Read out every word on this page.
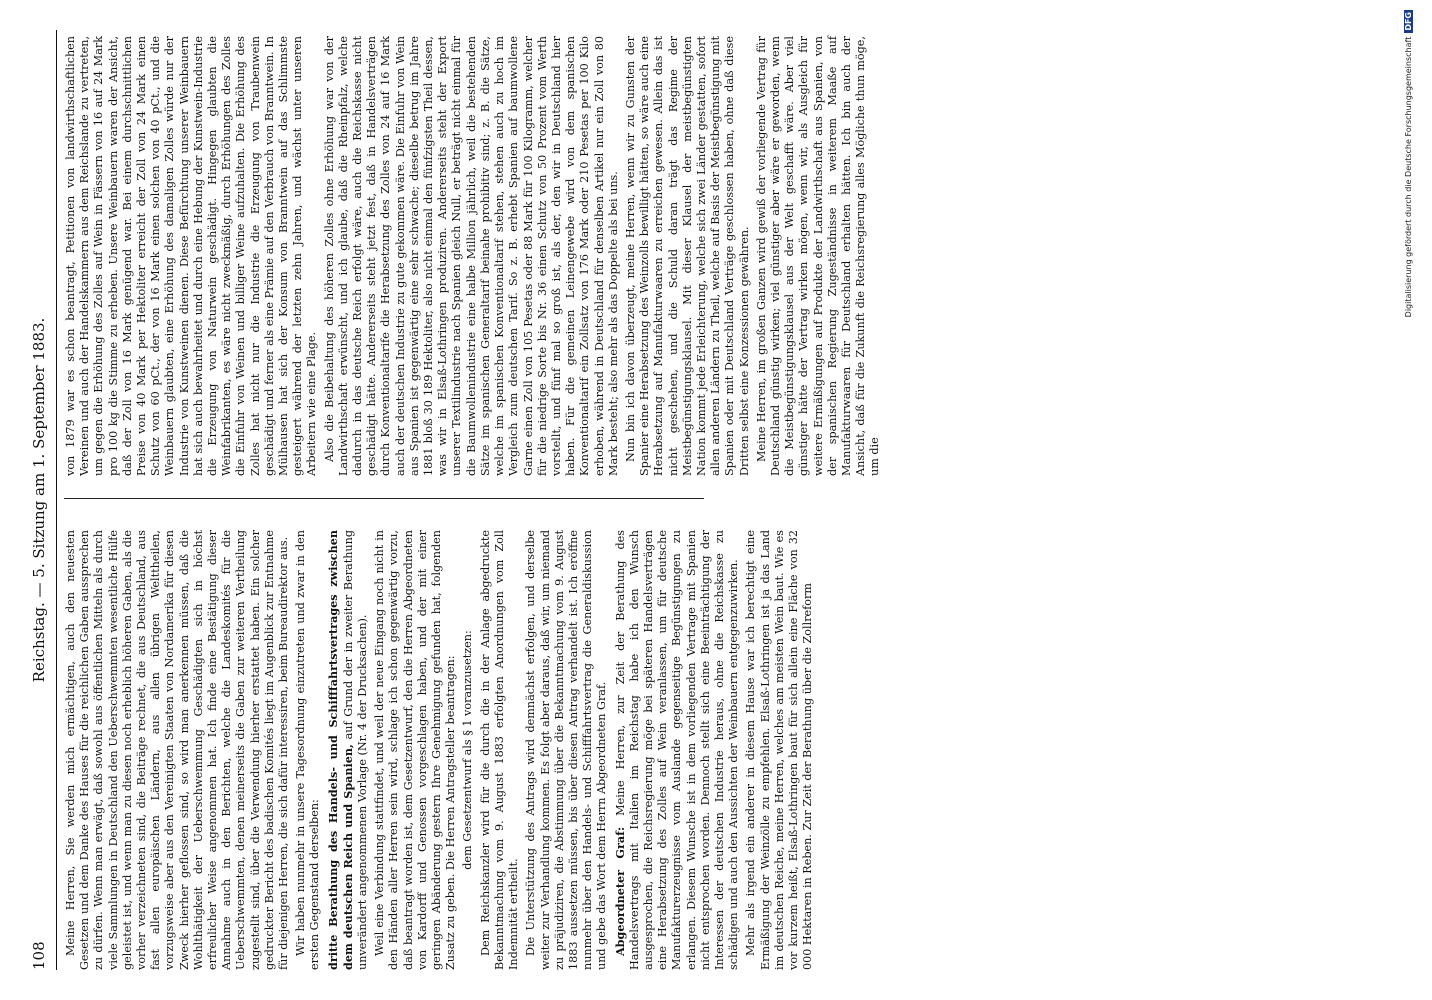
108
Reichstag. — 5. Sitzung am 1. September 1883.

Meine Herren, Sie werden mich ermächtigen, auch den neuesten Gesetzen und dem Danke des Hauses für die reichlichen Gaben aussprechen zu dürfen. Wenn man erwägt, daß sowohl aus öffentlichen Mitteln als durch viele Sammlungen in Deutschland den Ueberschwemmten wesentliche Hülfe geleistet ist, und wenn man zu diesen noch erheblich höheren Gaben, als die vorher verzeichneten sind, die Beiträge rechnet, die aus Deutschland, aus fast allen europäischen Ländern, aus allen übrigen Welttheilen, vorzugsweise aber aus den Vereinigten Staaten von Nordamerika für diesen Zweck hierher geflossen sind, so wird man anerkennen müssen, daß die Wohlthätigkeit der Ueberschwemmung Geschädigten sich in höchst erfreulicher Weise angenommen hat. Ich finde eine Bestätigung dieser Annahme auch in den Berichten, welche die Landeskomités für die Ueberschwemmten, denen meinerseits die Gaben zur weiteren Vertheilung zugestellt sind, über die Verwendung hierher erstattet haben. Ein solcher gedruckter Bericht des badischen Komités liegt im Augenblick zur Entnahme für diejenigen Herren, die sich dafür interessiren, beim Bureaudirektor aus. Wir haben nunmehr in unsere Tagesordnung einzutreten und zwar in den ersten Gegenstand derselben: dritte Berathung des Handels- und Schifffahrtsvertrages zwischen dem deutschen Reich und Spanien, auf Grund der in zweiter Berathung unverändert angenommenen Vorlage (Nr. 4 der Drucksachen). Weil eine Verbindung stattfindet, und weil der neue Eingang noch nicht in den Händen aller Herren sein wird, schlage ich schon gegenwärtig vorzu, daß beantragt worden ist, dem Gesetzentwurf, den die Herren Abgeordneten von Kardorff und Genossen vorgeschlagen haben, und der mit einer geringen Abänderung gestern Ihre Genehmigung gefunden hat, folgenden Zusatz zu geben. Die Herren Antragsteller beantragen: dem Gesetzentwurf als § 1 voranzusetzen: Dem Reichskanzler wird für die durch die in der Anlage abgedruckte Bekanntmachung vom 9. August 1883 erfolgten Anordnungen vom Zoll Indemnität ertheilt. Die Unterstützung des Antrags wird demnächst erfolgen, und derselbe weiter zur Verhandlung kommen. Es folgt aber daraus, daß wir, um niemand zu präjudiziren, die Abstimmung über die Bekanntmachung vom 9. August 1883 aussetzen müssen, bis über diesen Antrag verhandelt ist. Ich eröffne nunmehr über den Handels- und Schifffahrtsvertrag die Generaldiskussion und gebe das Wort dem Herrn Abgeordneten Graf. Abgeordneter Graf: Meine Herren, zur Zeit der Berathung des Handelsvertrags mit Italien im Reichstag habe ich den Wunsch ausgesprochen, die Reichsregierung möge bei späteren Handelsverträgen eine Herabsetzung des Zolles auf Wein veranlassen, um für deutsche Manufakturerzeugnisse vom Auslande gegenseitige Begünstigungen zu erlangen. Diesem Wunsche ist in dem vorliegenden Vertrage mit Spanien nicht entsprochen worden. Dennoch stellt sich eine Beeinträchtigung der Interessen der deutschen Industrie heraus, ohne die Reichskasse zu schädigen und auch den Aussichten der Weinbauern entgegenzuwirken. Mehr als irgend ein anderer in diesem Hause war ich berechtigt eine Ermäßigung der Weinzölle zu empfehlen. Elsaß-Lothringen ist ja das Land im deutschen Reiche, meine Herren, welches am meisten Wein baut. Wie es vor kurzem heißt, Elsaß-Lothringen baut für sich allein eine Fläche von 32 000 Hektaren in Reben. Zur Zeit der Berathung über die Zollreform

von 1879 war es schon beantragt, Petitionen von landwirthschaftlichen Vereinen und auch der Handelskammern aus dem Reichslande zu vertreten, um gegen die Erhöhung des Zolles auf Wein in Fässern von 16 auf 24 Mark pro 100 kg die Stimme zu erheben. Unsere Weinbauern waren der Ansicht, daß der Zoll von 16 Mark genügend war. Bei einem durchschnittlichen Preise von 40 Mark per Hektoliter erreicht der Zoll von 24 Mark einen Schutz von 60 pCt., der von 16 Mark einen solchen von 40 pCt., und die Weinbauern glaubten, eine Erhöhung des damaligen Zolles würde nur der Industrie von Kunstweinen dienen. Diese Befürchtung unserer Weinbauern hat sich auch bewahrheitet und durch eine Hebung der Kunstwein-Industrie die Erzeugung von Naturwein geschädigt. Hingegen glaubten die Weinfabrikanten, es wäre nicht zweckmäßig, durch Erhöhungen des Zolles die Einfuhr von Weinen und billiger Weine aufzuhalten. Die Erhöhung des Zolles hat nicht nur die Industrie die Erzeugung von Traubenwein geschädigt und ferner als eine Prämie auf den Verbrauch von Branntwein. In Mülhausen hat sich der Konsum von Branntwein auf das Schlimmste gesteigert während der letzten zehn Jahren, und wächst unter unseren Arbeitern wie eine Plage. Also die Beibehaltung des höheren Zolles ohne Erhöhung war von der Landwirthschaft erwünscht, und ich glaube, daß die Rheinpfalz, welche dadurch in das deutsche Reich erfolgt wäre, auch die Reichskasse nicht geschädigt hätte. Andererseits steht jetzt fest, daß in Handelsverträgen durch Konventionaltarife die Herabsetzung des Zolles von 24 auf 16 Mark auch der deutschen Industrie zu gute gekommen wäre. Die Einfuhr von Wein aus Spanien ist gegenwärtig eine sehr schwache; dieselbe betrug im Jahre 1881 bloß 30 189 Hektoliter, also nicht einmal den fünfzigsten Theil dessen, was wir in Elsaß-Lothringen produziren. Andererseits steht der Export unserer Textilindustrie nach Spanien gleich Null, er beträgt nicht einmal für die Baumwollenindustrie eine halbe Million jährlich, weil die bestehenden Sätze im spanischen Generaltarif beinahe prohibitiv sind; z. B. die Sätze, welche im spanischen Konventionaltarif stehen, stehen auch zu hoch im Vergleich zum deutschen Tarif. So z. B. erhebt Spanien auf baumwollene Garne einen Zoll von 105 Pesetas oder 88 Mark für 100 Kilogramm, welcher für die niedrige Sorte bis Nr. 36 einen Schutz von 50 Prozent vom Werth vorstellt, und fünf mal so groß ist, als der, den wir in Deutschland hier haben. Für die gemeinen Leinengewebe wird von dem spanischen Konventionaltarif ein Zollsatz von 176 Mark oder 210 Pesetas per 100 Kilo erhoben, während in Deutschland für denselben Artikel nur ein Zoll von 80 Mark besteht; also mehr als das Doppelte als bei uns. Nun bin ich davon überzeugt, meine Herren, wenn wir zu Gunsten der Spanier eine Herabsetzung des Weinzolls bewilligt hätten, so wäre auch eine Herabsetzung auf Manufakturwaaren zu erreichen gewesen. Allein das ist nicht geschehen, und die Schuld daran trägt das Regime der Meistbegünstigungsklausel. Mit dieser Klausel der meistbegünstigten Nation kommt jede Erleichterung, welche sich zwei Länder gestatten, sofort allen anderen Ländern zu Theil, welche auf Basis der Meistbegünstigung mit Spanien oder mit Deutschland Verträge geschlossen haben, ohne daß diese Dritten selbst eine Konzessionen gewähren. Meine Herren, im großen Ganzen wird gewiß der vorliegende Vertrag für Deutschland günstig wirken; viel günstiger aber wäre er geworden, wenn die Meistbegünstigungsklausel aus der Welt geschafft wäre. Aber viel günstiger hätte der Vertrag wirken mögen, wenn wir, als Ausgleich für weitere Ermäßigungen auf Produkte der Landwirthschaft aus Spanien, von der spanischen Regierung Zugeständnisse in weiterem Maaße auf Manufakturwaaren für Deutschland erhalten hätten. Ich bin auch der Ansicht, daß für die Zukunft die Reichsregierung alles Mögliche thun möge, um die

Digitalisierung gefördert durch die Deutsche Forschungsgemeinschaft
DFG
